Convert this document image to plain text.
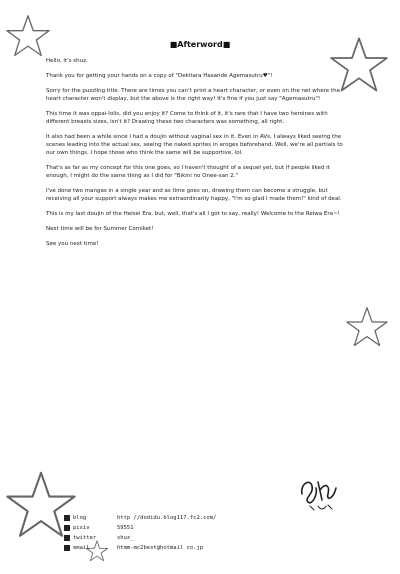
■Afterword■

Hello, it's shuz.

Thank you for getting your hands on a copy of "Dekitara Hasande Agemasutru♥"!

Sorry for the puzzling title. There are times you can't print a heart character, or even on the net where the heart character won't display, but the above is the right way! It's fine if you just say "Agemasutru"!

This time it was oppai-lolis, did you enjoy it? Come to think of it, it's rare that I have two heroines with different breasts sizes, isn't it? Drawing these two characters was something, all right.

It also had been a while since I had a doujin without vaginal sex in it. Even in AVs, I always liked seeing the scenes leading into the actual sex, seeing the naked sprites in eroges beforehand. Well, we're all partials to our own things. I hope those who think the same will be supportive, lol.

That's as far as my concept for this one goes, so I haven't thought of a sequel yet, but if people liked it enough, I might do the same thing as I did for "Bikini no Onee-san 2."

I've done two mangas in a single year and as time goes on, drawing them can become a struggle, but receiving all your support always makes me extraordinarily happy, "I'm so glad I made them!" kind of deal.

This is my last doujin of the Heisei Era, but, well, that's all I got to say, really! Welcome to the Reiwa Era~!

Next time will be for Summer Comiket!

See you next time!

blog	http //dodidu.blog117.fc2.com/
pixiv	59551
twitter	shuz_
email	htmm-mc2best@hotmail co.jp
